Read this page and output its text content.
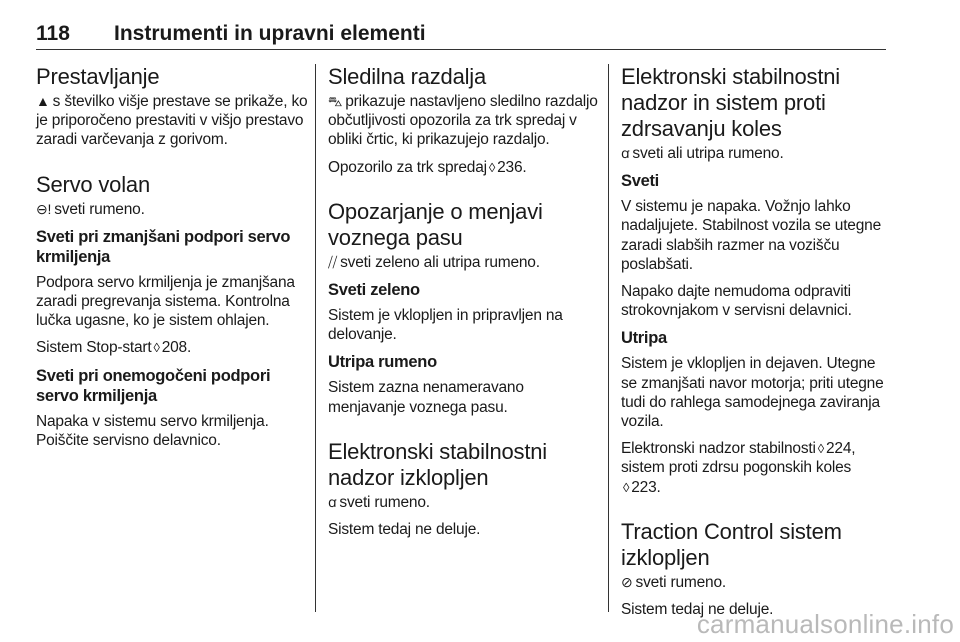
118 Instrumenti in upravni elementi
Prestavljanje

▲ s številko višje prestave se prikaže, ko je priporočeno prestaviti v višjo prestavo zaradi varčevanja z gorivom.

Servo volan

⊖! sveti rumeno.

Sveti pri zmanjšani podpori servo krmiljenja

Podpora servo krmiljenja je zmanjšana zaradi pregrevanja sistema. Kontrolna lučka ugasne, ko je sistem ohlajen.

Sistem Stop-start ◊ 208.

Sveti pri onemogočeni podpori servo krmiljenja

Napaka v sistemu servo krmiljenja. Poiščite servisno delavnico.

Sledilna razdalja

⛍ prikazuje nastavljeno sledilno razdaljo občutljivosti opozorila za trk spredaj v obliki črtic, ki prikazujejo razdaljo.

Opozorilo za trk spredaj ◊ 236.

Opozarjanje o menjavi voznega pasu

⧸⧸ sveti zeleno ali utripa rumeno.

Sveti zeleno

Sistem je vklopljen in pripravljen na delovanje.

Utripa rumeno

Sistem zazna nenameravano menjavanje voznega pasu.

Elektronski stabilnostni nadzor izklopljen

ꭤ sveti rumeno.

Sistem tedaj ne deluje.

Elektronski stabilnostni nadzor in sistem proti zdrsavanju koles

ꭤ sveti ali utripa rumeno.

Sveti

V sistemu je napaka. Vožnjo lahko nadaljujete. Stabilnost vozila se utegne zaradi slabših razmer na vozišču poslabšati.

Napako dajte nemudoma odpraviti strokovnjakom v servisni delavnici.

Utripa

Sistem je vklopljen in dejaven. Utegne se zmanjšati navor motorja; priti utegne tudi do rahlega samodejnega zaviranja vozila.

Elektronski nadzor stabilnosti ◊ 224, sistem proti zdrsu pogonskih koles
◊ 223.

Traction Control sistem izklopljen

⊘ sveti rumeno.

Sistem tedaj ne deluje.

carmanualsonline.info
